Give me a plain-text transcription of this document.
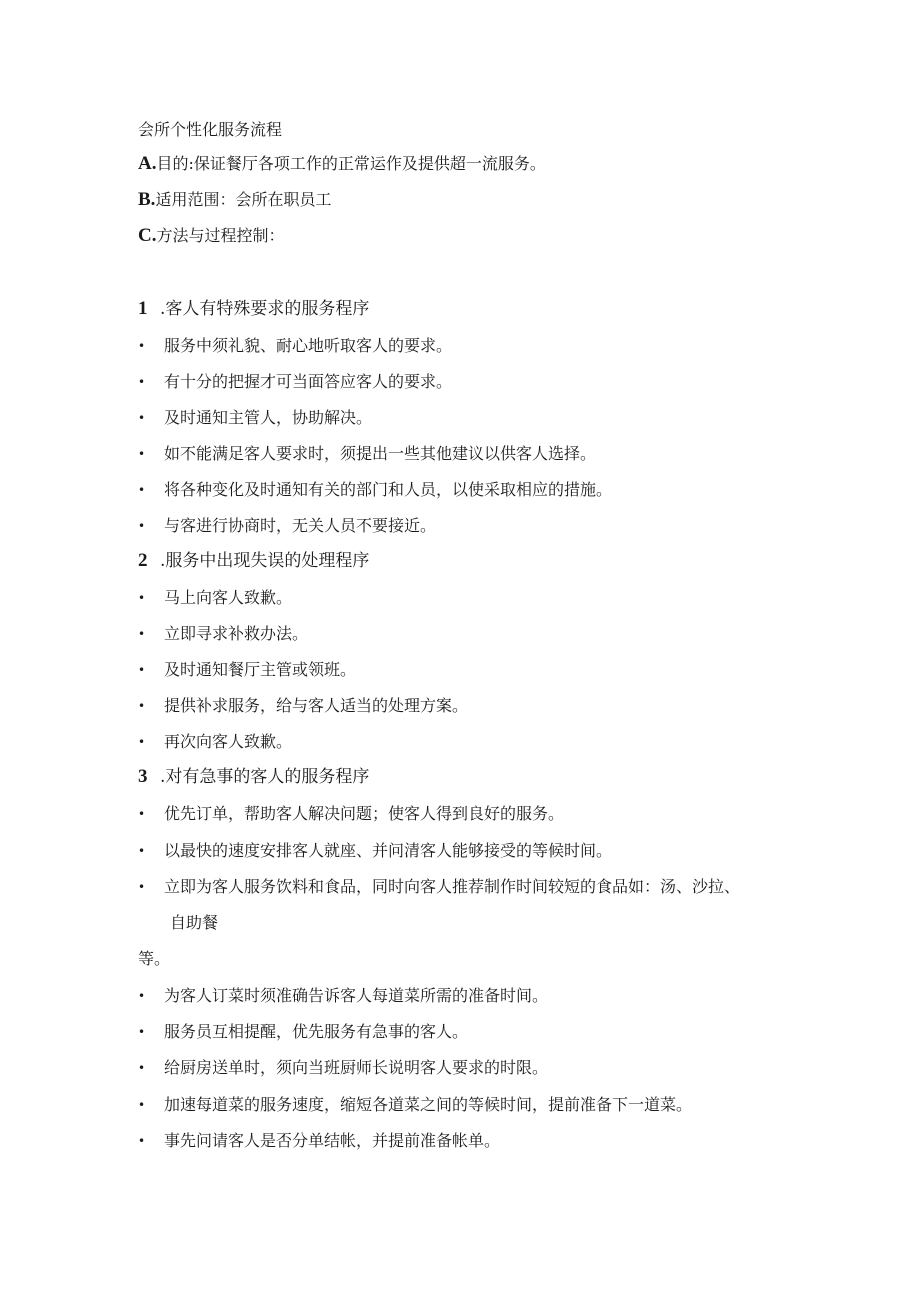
会所个性化服务流程
A.目的:保证餐厅各项工作的正常运作及提供超一流服务。
B.适用范围：会所在职员工
C.方法与过程控制：
1 .客人有特殊要求的服务程序
•	服务中须礼貌、耐心地听取客人的要求。
•	有十分的把握才可当面答应客人的要求。
•	及时通知主管人，协助解决。
•	如不能满足客人要求时，须提出一些其他建议以供客人选择。
•	将各种变化及时通知有关的部门和人员，以使采取相应的措施。
•	与客进行协商时，无关人员不要接近。
2 .服务中出现失误的处理程序
•	马上向客人致歉。
•	立即寻求补救办法。
•	及时通知餐厅主管或领班。
•	提供补求服务，给与客人适当的处理方案。
•	再次向客人致歉。
3 .对有急事的客人的服务程序
•	优先订单，帮助客人解决问题；使客人得到良好的服务。
•	以最快的速度安排客人就座、并问清客人能够接受的等候时间。
•	立即为客人服务饮料和食品，同时向客人推荐制作时间较短的食品如：汤、沙拉、
自助餐
等。
•	为客人订菜时须准确告诉客人每道菜所需的准备时间。
•	服务员互相提醒，优先服务有急事的客人。
•	给厨房送单时，须向当班厨师长说明客人要求的时限。
•	加速每道菜的服务速度，缩短各道菜之间的等候时间，提前准备下一道菜。
•	事先问请客人是否分单结帐，并提前准备帐单。
